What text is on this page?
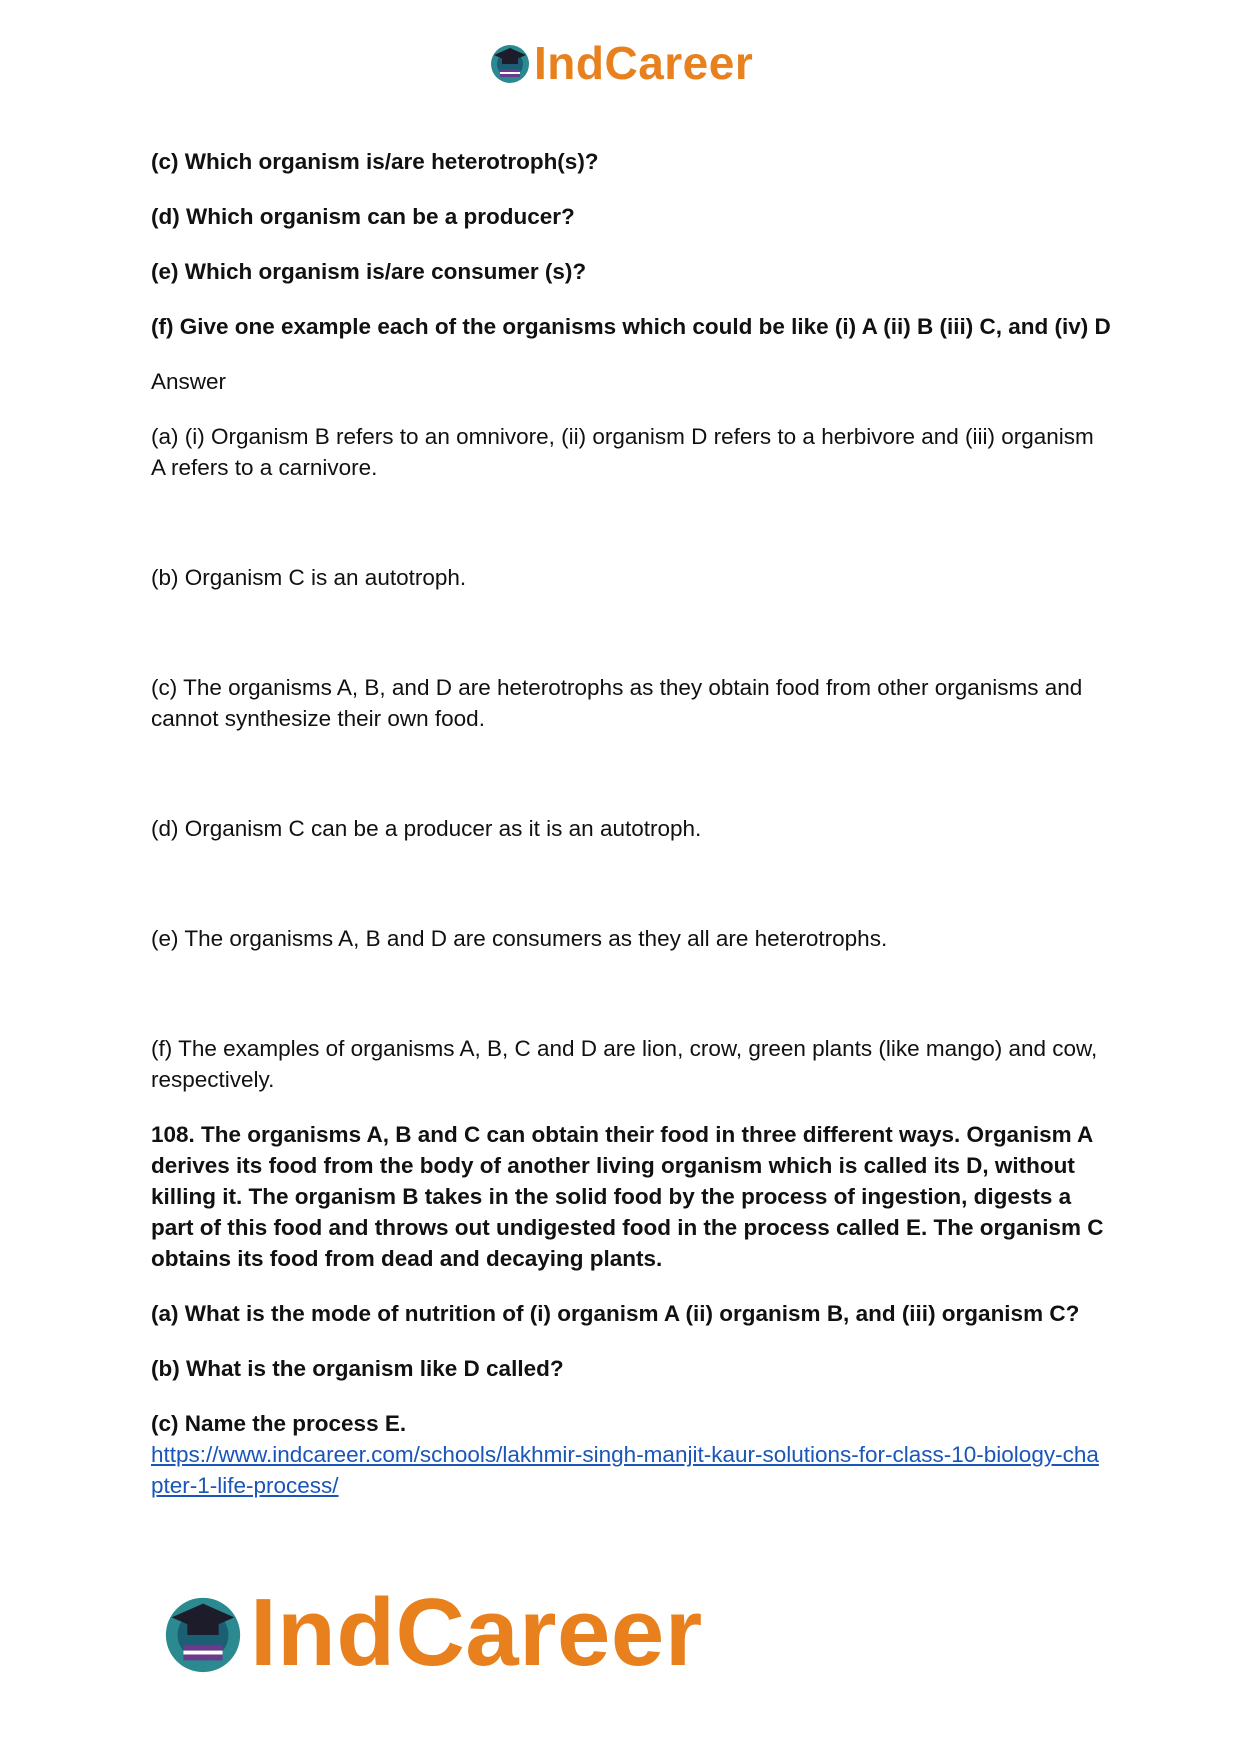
IndCareer

(c) Which organism is/are heterotroph(s)?

(d) Which organism can be a producer?

(e) Which organism is/are consumer (s)?

(f) Give one example each of the organisms which could be like (i) A (ii) B (iii) C, and (iv) D

Answer

(a) (i) Organism B refers to an omnivore, (ii) organism D refers to a herbivore and (iii) organism A refers to a carnivore.

(b) Organism C is an autotroph.

(c) The organisms A, B, and D are heterotrophs as they obtain food from other organisms and cannot synthesize their own food.

(d) Organism C can be a producer as it is an autotroph.

(e) The organisms A, B and D are consumers as they all are heterotrophs.

(f) The examples of organisms A, B, C and D are lion, crow, green plants (like mango) and cow, respectively.

108. The organisms A, B and C can obtain their food in three different ways. Organism A derives its food from the body of another living organism which is called its D, without killing it. The organism B takes in the solid food by the process of ingestion, digests a part of this food and throws out undigested food in the process called E. The organism C obtains its food from dead and decaying plants.

(a) What is the mode of nutrition of (i) organism A (ii) organism B, and (iii) organism C?

(b) What is the organism like D called?

(c) Name the process E.

https://www.indcareer.com/schools/lakhmir-singh-manjit-kaur-solutions-for-class-10-biology-chapter-1-life-process/

IndCareer
